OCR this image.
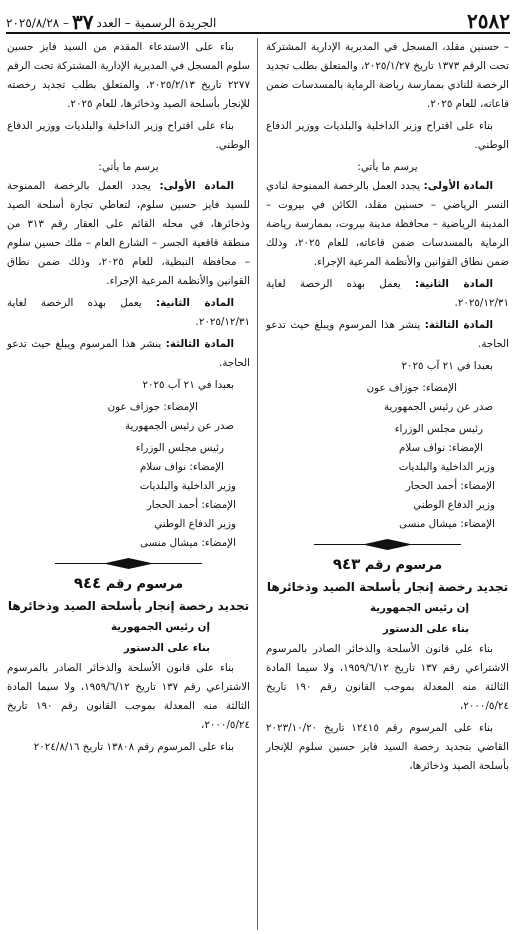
٢٥٨٢
الجريدة الرسمية – العدد
٣٧
– ٢٠٢٥/٨/٢٨

– حسنين مقلد، المسجل في المديرية الإدارية المشتركة تحت الرقم ١٣٧٣ تاريخ ٢٠٢٥/١/٢٧، والمتعلق بطلب تجديد الرخصة للنادي بممارسة رياضة الرماية بالمسدسات ضمن قاعاته، للعام ٢٠٢٥.

بناء على اقتراح وزير الداخلية والبلديات ووزير الدفاع الوطني.

يرسم ما يأتي:

المادة الأولى: يجدد العمل بالرخصة الممنوحة لنادي النسر الرياضي – حسنين مقلد، الكائن في بيروت – المدينة الرياضية – محافظة مدينة بيروت، بممارسة رياضة الرماية بالمسدسات ضمن قاعاته، للعام ٢٠٢٥، وذلك ضمن نطاق القوانين والأنظمة المرعية الإجراء.

المادة الثانية: يعمل بهذه الرخصة لغاية ٢٠٢٥/١٢/٣١.

المادة الثالثة: ينشر هذا المرسوم ويبلغ حيث تدعو الحاجة.

بعبدا في ٢١ آب ٢٠٢٥

الإمضاء: جوزاف عون

صدر عن رئيس الجمهورية

رئيس مجلس الوزراء

الإمضاء: نواف سلام

وزير الداخلية والبلديات

الإمضاء: أحمد الحجار

وزير الدفاع الوطني

الإمضاء: ميشال منسى

مرسوم رقم ٩٤٣

تجديد رخصة إنجار بأسلحة الصيد وذخائرها

إن رئيس الجمهورية

بناء على الدستور

بناء على قانون الأسلحة والذخائر الصادر بالمرسوم الاشتراعي رقم ١٣٧ تاريخ ١٩٥٩/٦/١٢، ولا سيما المادة الثالثة منه المعدلة بموجب القانون رقم ١٩٠ تاريخ ٢٠٠٠/٥/٢٤،

بناء على المرسوم رقم ١٢٤١٥ تاريخ ٢٠٢٣/١٠/٢٠ القاضي بتجديد رخصة السيد فايز حسين سلوم للإنجار بأسلحة الصيد وذخائرها،

بناء على الاستدعاء المقدم من السيد فايز حسين سلوم المسجل في المديرية الإدارية المشتركة تحت الرقم ٢٢٧٧ تاريخ ٢٠٢٥/٢/١٣، والمتعلق بطلب تجديد رخصته للإنجار بأسلحة الصيد وذخائرها، للعام ٢٠٢٥.

بناء على اقتراح وزير الداخلية والبلديات ووزير الدفاع الوطني.

يرسم ما يأتي:

المادة الأولى: يجدد العمل بالرخصة الممنوحة للسيد فايز حسين سلوم، لتعاطي تجارة أسلحة الصيد وذخائرها، في محله القائم على العقار رقم ٣١٣ من منطقة قاقعية الجسر – الشارع العام – ملك حسين سلوم – محافظة النبطية، للعام ٢٠٢٥، وذلك ضمن نطاق القوانين والأنظمة المرعية الإجراء.

المادة الثانية: يعمل بهذه الرخصة لغاية ٢٠٢٥/١٢/٣١.

المادة الثالثة: ينشر هذا المرسوم ويبلغ حيث تدعو الحاجة.

بعبدا في ٢١ آب ٢٠٢٥

الإمضاء: جوزاف عون

صدر عن رئيس الجمهورية

رئيس مجلس الوزراء

الإمضاء: نواف سلام

وزير الداخلية والبلديات

الإمضاء: أحمد الحجار

وزير الدفاع الوطني

الإمضاء: ميشال منسى

مرسوم رقم ٩٤٤

تجديد رخصة إنجار بأسلحة الصيد وذخائرها

إن رئيس الجمهورية

بناء على الدستور

بناء على قانون الأسلحة والذخائر الصادر بالمرسوم الاشتراعي رقم ١٣٧ تاريخ ١٩٥٩/٦/١٢، ولا سيما المادة الثالثة منه المعدلة بموجب القانون رقم ١٩٠ تاريخ ٢٠٠٠/٥/٢٤،

بناء على المرسوم رقم ١٣٨٠٨ تاريخ ٢٠٢٤/٨/١٦
